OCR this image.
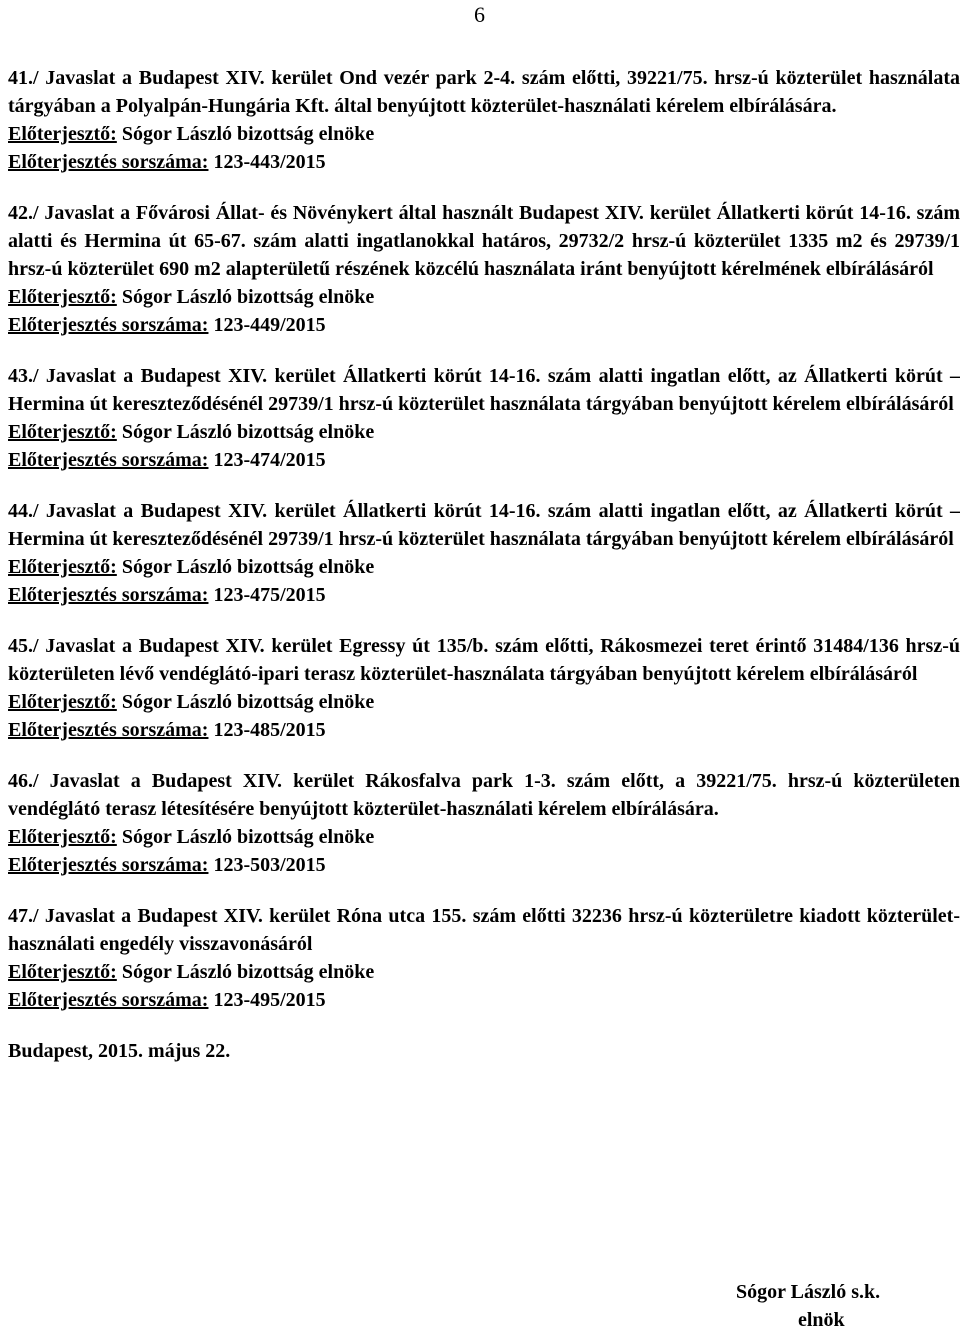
6

41./ Javaslat a Budapest XIV. kerület Ond vezér park 2-4. szám előtti, 39221/75. hrsz-ú közterület használata tárgyában a Polyalpán-Hungária Kft. által benyújtott közterület-használati kérelem elbírálására.

Előterjesztő: Sógor László bizottság elnöke

Előterjesztés sorszáma: 123-443/2015

42./ Javaslat a Fővárosi Állat- és Növénykert által használt Budapest XIV. kerület Állatkerti körút 14-16. szám alatti és Hermina út 65-67. szám alatti ingatlanokkal határos, 29732/2 hrsz-ú közterület 1335 m2 és 29739/1 hrsz-ú közterület 690 m2 alapterületű részének közcélú használata iránt benyújtott kérelmének elbírálásáról

Előterjesztő: Sógor László bizottság elnöke

Előterjesztés sorszáma: 123-449/2015

43./ Javaslat a Budapest XIV. kerület Állatkerti körút 14-16. szám alatti ingatlan előtt, az Állatkerti körút – Hermina út kereszteződésénél 29739/1 hrsz-ú közterület használata tárgyában benyújtott kérelem elbírálásáról

Előterjesztő: Sógor László bizottság elnöke

Előterjesztés sorszáma: 123-474/2015

44./ Javaslat a Budapest XIV. kerület Állatkerti körút 14-16. szám alatti ingatlan előtt, az Állatkerti körút – Hermina út kereszteződésénél 29739/1 hrsz-ú közterület használata tárgyában benyújtott kérelem elbírálásáról

Előterjesztő: Sógor László bizottság elnöke

Előterjesztés sorszáma: 123-475/2015

45./ Javaslat a Budapest XIV. kerület Egressy út 135/b. szám előtti, Rákosmezei teret érintő 31484/136 hrsz-ú közterületen lévő vendéglátó-ipari terasz közterület-használata tárgyában benyújtott kérelem elbírálásáról

Előterjesztő: Sógor László bizottság elnöke

Előterjesztés sorszáma: 123-485/2015

46./ Javaslat a Budapest XIV. kerület Rákosfalva park 1-3. szám előtt, a 39221/75. hrsz-ú közterületen vendéglátó terasz létesítésére benyújtott közterület-használati kérelem elbírálására.

Előterjesztő: Sógor László bizottság elnöke

Előterjesztés sorszáma: 123-503/2015

47./ Javaslat a Budapest XIV. kerület Róna utca 155. szám előtti 32236 hrsz-ú közterületre kiadott közterület-használati engedély visszavonásáról

Előterjesztő: Sógor László bizottság elnöke

Előterjesztés sorszáma: 123-495/2015

Budapest, 2015. május 22.

Sógor László s.k.

elnök
